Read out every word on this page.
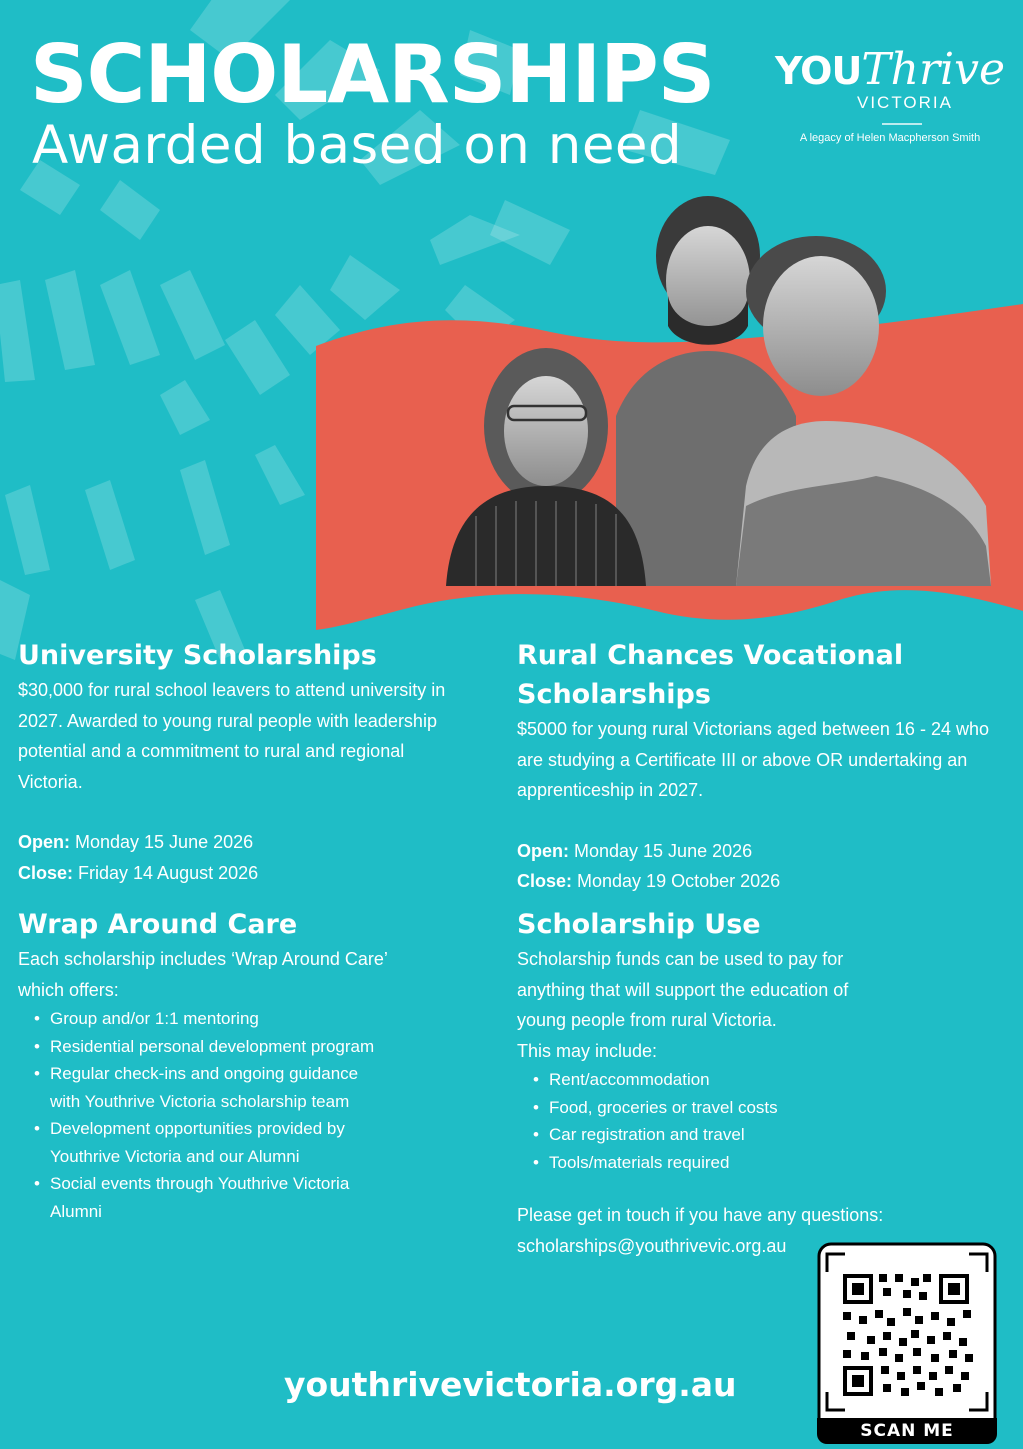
SCHOLARSHIPS

Awarded based on need

YOUThrive
VICTORIA
A legacy of Helen Macpherson Smith
University Scholarships

$30,000 for rural school leavers to attend university in 2027. Awarded to young rural people with leadership potential and a commitment to rural and regional Victoria.

Open: Monday 15 June 2026
Close: Friday 14 August 2026
Rural Chances Vocational Scholarships

$5000 for young rural Victorians aged between 16 - 24 who are studying a Certificate III or above OR undertaking an apprenticeship in 2027.

Open: Monday 15 June 2026
Close: Monday 19 October 2026
Wrap Around Care

Each scholarship includes ‘Wrap Around Care’ which offers:

• Group and/or 1:1 mentoring
• Residential personal development program
• Regular check-ins and ongoing guidance with Youthrive Victoria scholarship team
• Development opportunities provided by Youthrive Victoria and our Alumni
• Social events through Youthrive Victoria Alumni
Scholarship Use

Scholarship funds can be used to pay for anything that will support the education of young people from rural Victoria.

This may include:

• Rent/accommodation
• Food, groceries or travel costs
• Car registration and travel
• Tools/materials required

Please get in touch if you have any questions:

scholarships@youthrivevic.org.au

youthrivevictoria.org.au

SCAN ME
